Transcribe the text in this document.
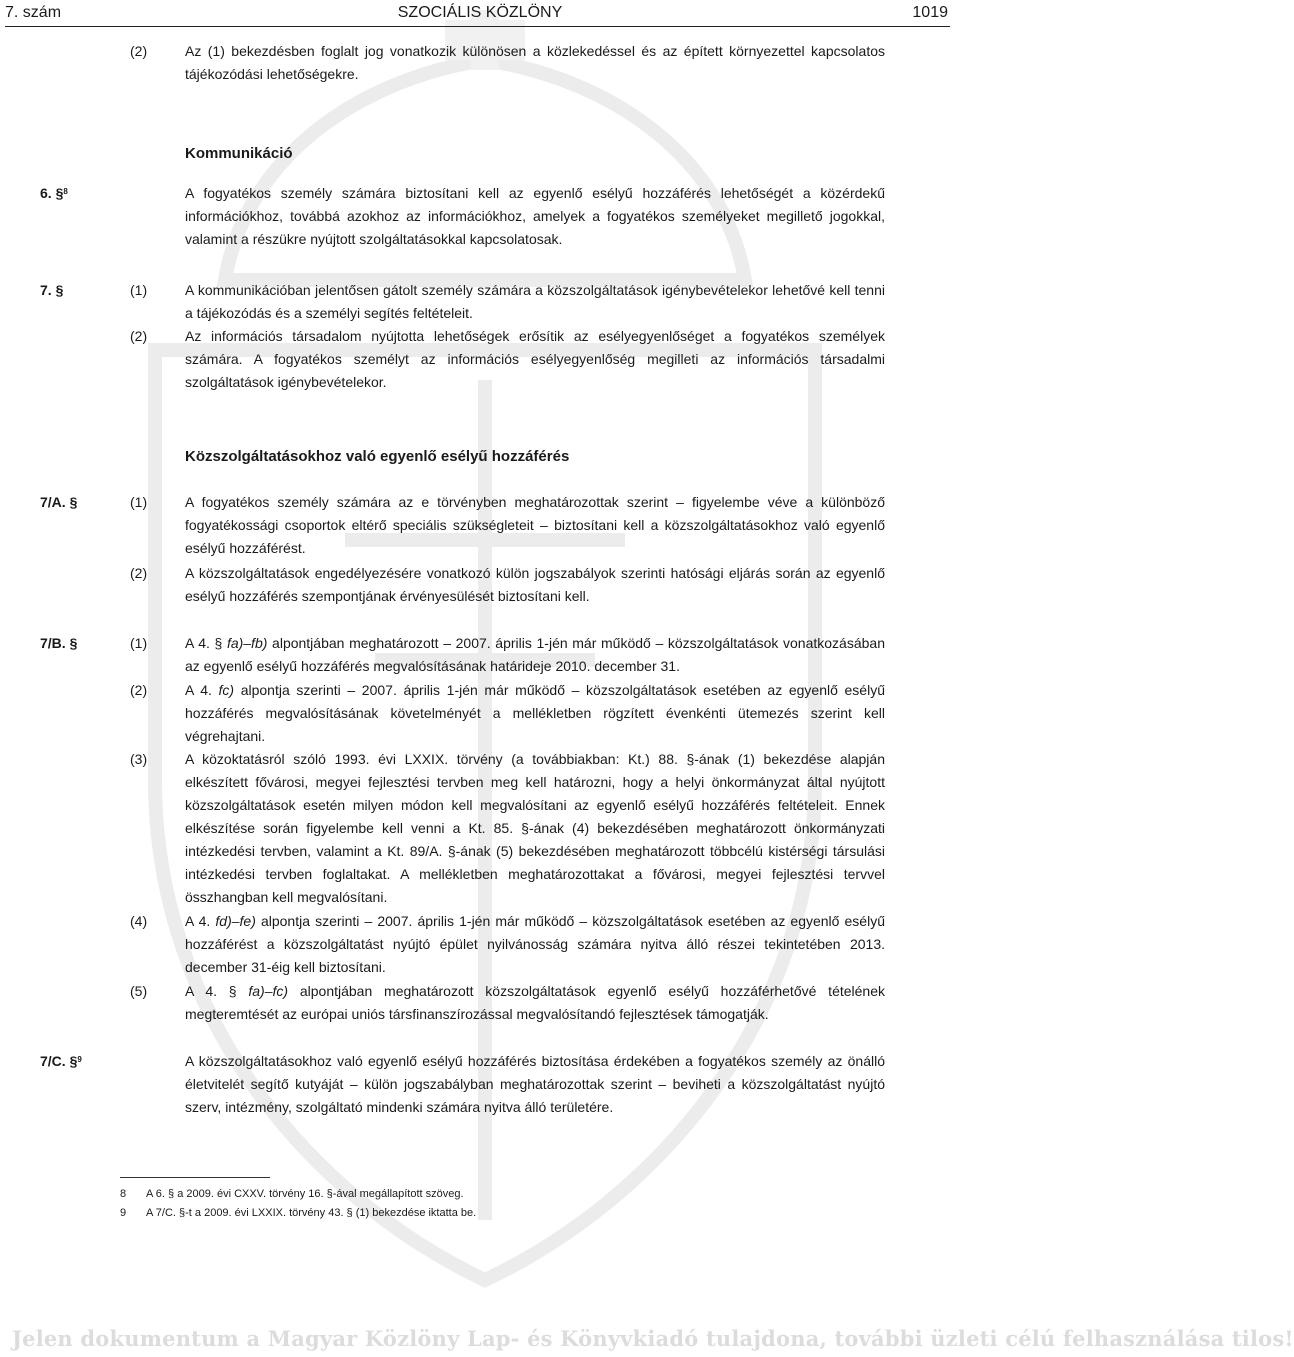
7. szám	SZOCIÁLIS KÖZLÖNY	1019
(2)	Az (1) bekezdésben foglalt jog vonatkozik különösen a közlekedéssel és az épített környezettel kapcsolatos tájékozódási lehetőségekre.
Kommunikáció
6. §$^8$	A fogyatékos személy számára biztosítani kell az egyenlő esélyű hozzáférés lehetőségét a közérdekű információkhoz, továbbá azokhoz az információkhoz, amelyek a fogyatékos személyeket megillető jogokkal, valamint a részükre nyújtott szolgáltatásokkal kapcsolatosak.
7. §	(1)	A kommunikációban jelentősen gátolt személy számára a közszolgáltatások igénybevételekor lehetővé kell tenni a tájékozódás és a személyi segítés feltételeit.
(2)	Az információs társadalom nyújtotta lehetőségek erősítik az esélyegyenlőséget a fogyatékos személyek számára. A fogyatékos személyt az információs esélyegyenlőség megilleti az információs társadalmi szolgáltatások igénybevételekor.
Közszolgáltatásokhoz való egyenlő esélyű hozzáférés
7/A. §	(1)	A fogyatékos személy számára az e törvényben meghatározottak szerint – figyelembe véve a különböző fogyatékossági csoportok eltérő speciális szükségleteit – biztosítani kell a közszolgáltatásokhoz való egyenlő esélyű hozzáférést.
(2)	A közszolgáltatások engedélyezésére vonatkozó külön jogszabályok szerinti hatósági eljárás során az egyenlő esélyű hozzáférés szempontjának érvényesülését biztosítani kell.
7/B. §	(1)	A 4. § fa)–fb) alpontjában meghatározott – 2007. április 1-jén már működő – közszolgáltatások vonatkozásában az egyenlő esélyű hozzáférés megvalósításának határideje 2010. december 31.
(2)	A 4. fc) alpontja szerinti – 2007. április 1-jén már működő – közszolgáltatások esetében az egyenlő esélyű hozzáférés megvalósításának követelményét a mellékletben rögzített évenkénti ütemezés szerint kell végrehajtani.
(3)	A közoktatásról szóló 1993. évi LXXIX. törvény (a továbbiakban: Kt.) 88. §-ának (1) bekezdése alapján elkészített fővárosi, megyei fejlesztési tervben meg kell határozni, hogy a helyi önkormányzat által nyújtott közszolgáltatások esetén milyen módon kell megvalósítani az egyenlő esélyű hozzáférés feltételeit. Ennek elkészítése során figyelembe kell venni a Kt. 85. §-ának (4) bekezdésében meghatározott önkormányzati intézkedési tervben, valamint a Kt. 89/A. §-ának (5) bekezdésében meghatározott többcélú kistérségi társulási intézkedési tervben foglaltakat. A mellékletben meghatározottakat a fővárosi, megyei fejlesztési tervvel összhangban kell megvalósítani.
(4)	A 4. fd)–fe) alpontja szerinti – 2007. április 1-jén már működő – közszolgáltatások esetében az egyenlő esélyű hozzáférést a közszolgáltatást nyújtó épület nyilvánosság számára nyitva álló részei tekintetében 2013. december 31-éig kell biztosítani.
(5)	A 4. § fa)–fc) alpontjában meghatározott közszolgáltatások egyenlő esélyű hozzáférhetővé tételének megteremtését az európai uniós társfinanszírozással megvalósítandó fejlesztések támogatják.
7/C. §$^9$	A közszolgáltatásokhoz való egyenlő esélyű hozzáférés biztosítása érdekében a fogyatékos személy az önálló életvitelét segítő kutyáját – külön jogszabályban meghatározottak szerint – beviheti a közszolgáltatást nyújtó szerv, intézmény, szolgáltató mindenki számára nyitva álló területére.
8 A 6. § a 2009. évi CXXV. törvény 16. §-ával megállapított szöveg.
9 A 7/C. §-t a 2009. évi LXXIX. törvény 43. § (1) bekezdése iktatta be.
Jelen dokumentum a Magyar Közlöny Lap- és Könyvkiadó tulajdona, további üzleti célú felhasználása tilos!
